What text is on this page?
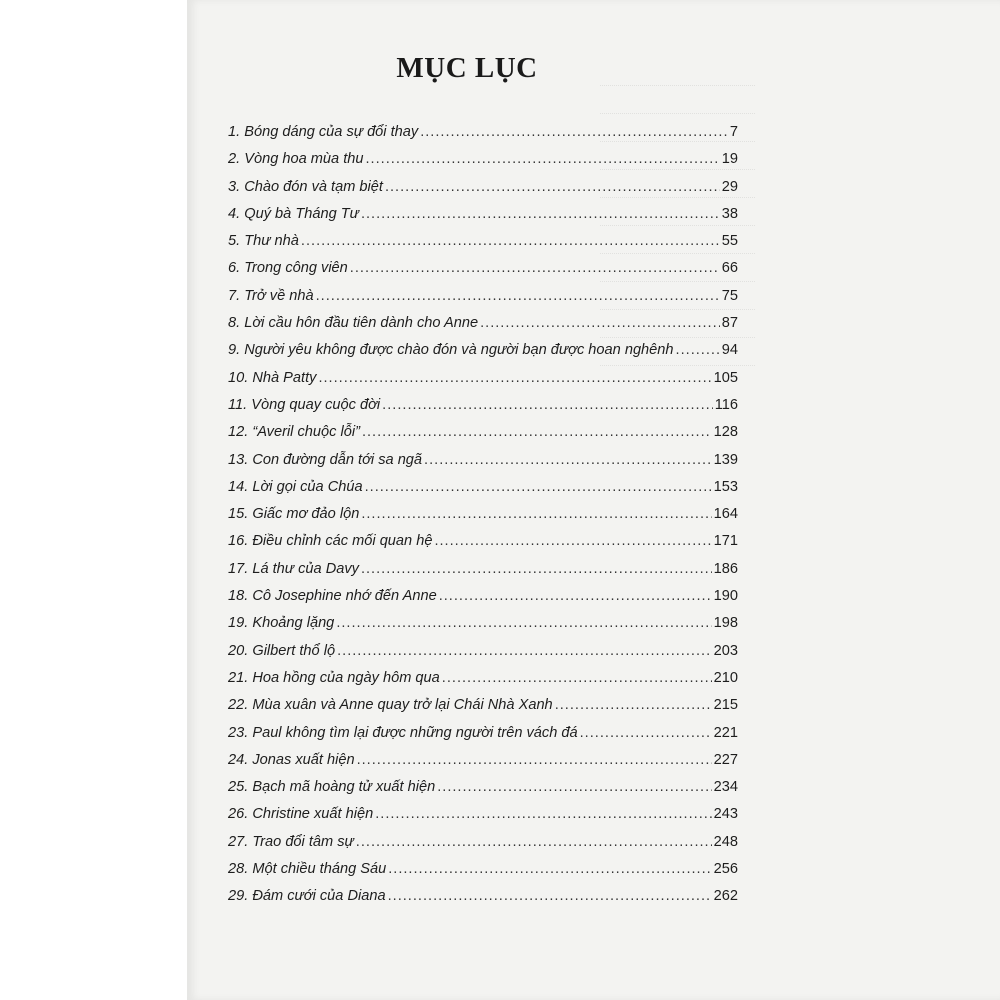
MỤC LỤC
1. Bóng dáng của sự đổi thay .....	7
2. Vòng hoa mùa thu .....	19
3. Chào đón và tạm biệt .....	29
4. Quý bà Tháng Tư .....	38
5. Thư nhà .....	55
6. Trong công viên .....	66
7. Trở về nhà .....	75
8. Lời cầu hôn đầu tiên dành cho Anne .....	87
9. Người yêu không được chào đón và người bạn được hoan nghênh .....	94
10. Nhà Patty .....	105
11. Vòng quay cuộc đời .....	116
12. “Averil chuộc lỗi” .....	128
13. Con đường dẫn tới sa ngã .....	139
14. Lời gọi của Chúa .....	153
15. Giấc mơ đảo lộn .....	164
16. Điều chỉnh các mối quan hệ .....	171
17. Lá thư của Davy .....	186
18. Cô Josephine nhớ đến Anne .....	190
19. Khoảng lặng .....	198
20. Gilbert thổ lộ .....	203
21. Hoa hồng của ngày hôm qua .....	210
22. Mùa xuân và Anne quay trở lại Chái Nhà Xanh .....	215
23. Paul không tìm lại được những người trên vách đá .....	221
24. Jonas xuất hiện .....	227
25. Bạch mã hoàng tử xuất hiện .....	234
26. Christine xuất hiện .....	243
27. Trao đổi tâm sự .....	248
28. Một chiều tháng Sáu .....	256
29. Đám cưới của Diana .....	262
